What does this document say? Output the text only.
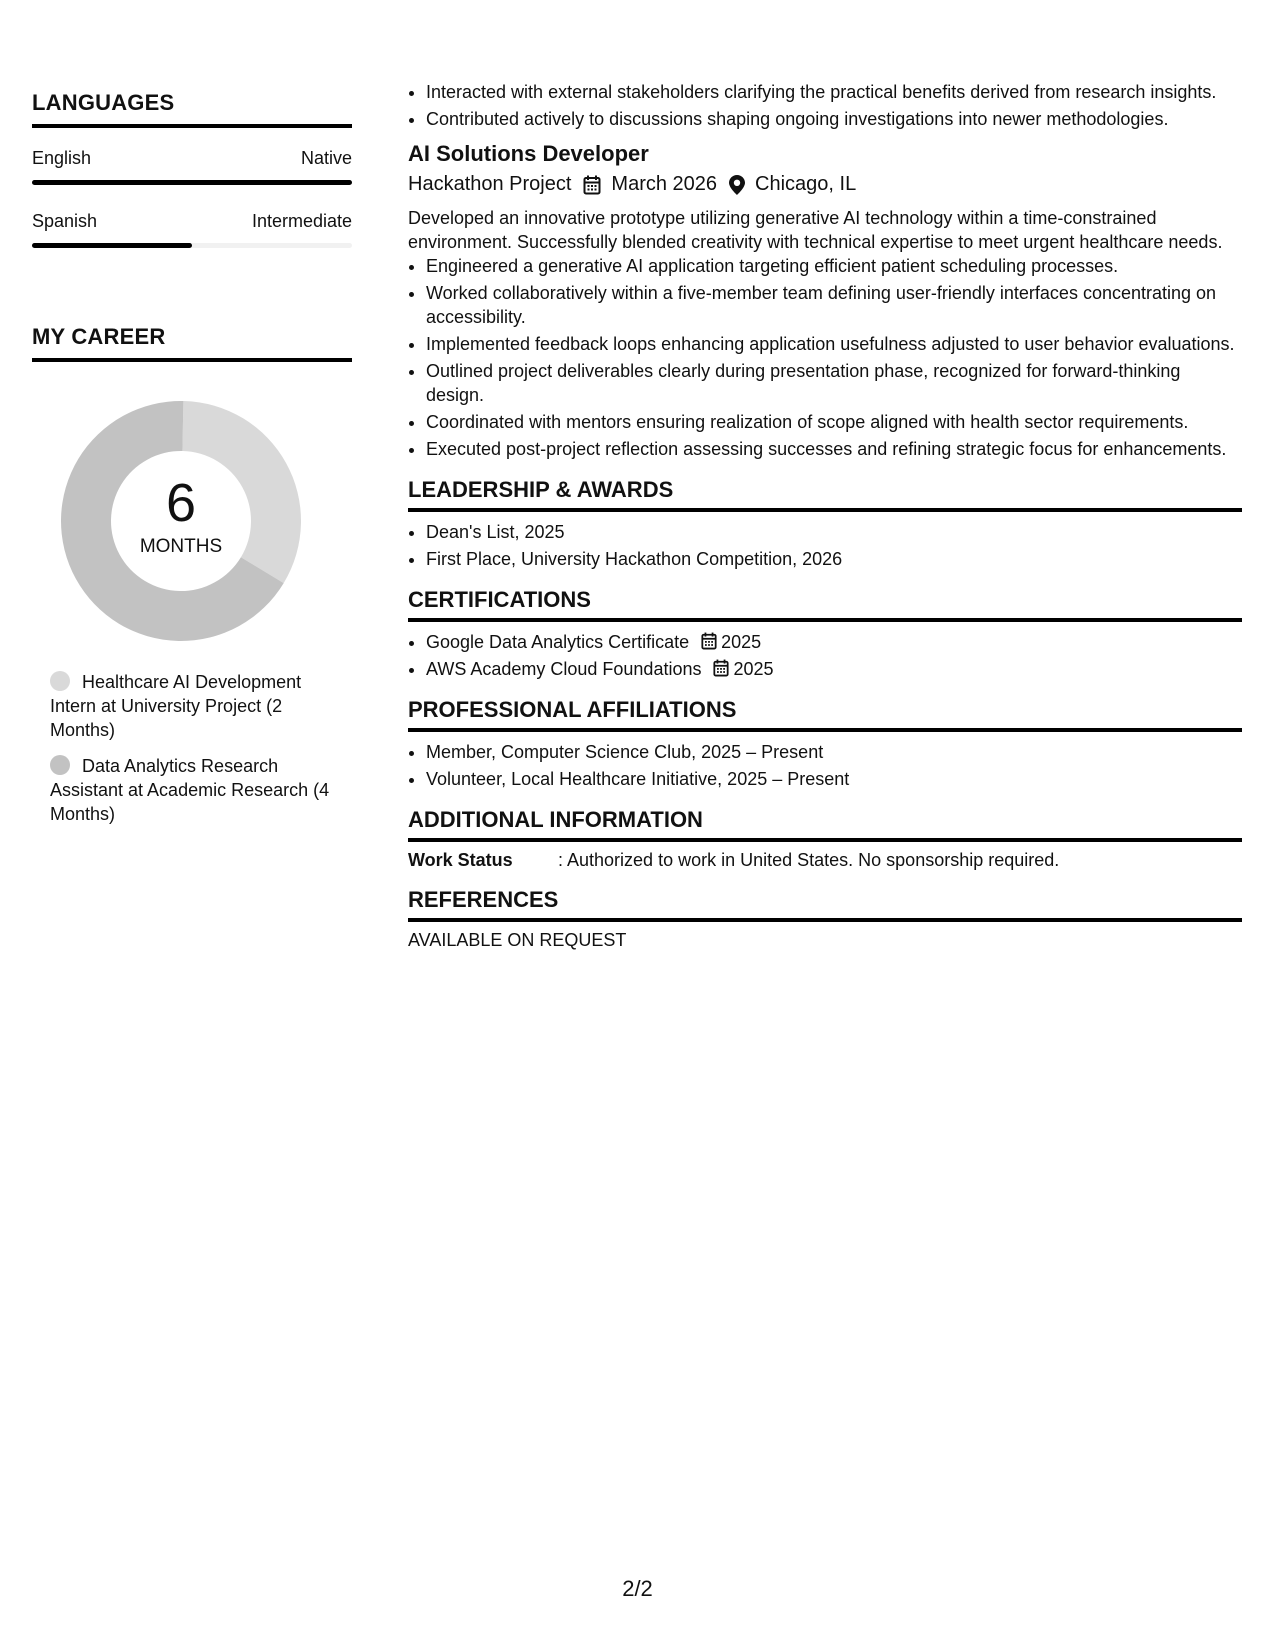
LANGUAGES
English	Native
Spanish	Intermediate
MY CAREER
6
MONTHS
Healthcare AI Development Intern at University Project (2 Months)
Data Analytics Research Assistant at Academic Research (4 Months)
• Interacted with external stakeholders clarifying the practical benefits derived from research insights.
• Contributed actively to discussions shaping ongoing investigations into newer methodologies.
AI Solutions Developer
Hackathon Project March 2026 Chicago, IL
Developed an innovative prototype utilizing generative AI technology within a time-constrained environment. Successfully blended creativity with technical expertise to meet urgent healthcare needs.
• Engineered a generative AI application targeting efficient patient scheduling processes.
• Worked collaboratively within a five-member team defining user-friendly interfaces concentrating on accessibility.
• Implemented feedback loops enhancing application usefulness adjusted to user behavior evaluations.
• Outlined project deliverables clearly during presentation phase, recognized for forward-thinking design.
• Coordinated with mentors ensuring realization of scope aligned with health sector requirements.
• Executed post-project reflection assessing successes and refining strategic focus for enhancements.
LEADERSHIP & AWARDS
• Dean's List, 2025
• First Place, University Hackathon Competition, 2026
CERTIFICATIONS
• Google Data Analytics Certificate 2025
• AWS Academy Cloud Foundations 2025
PROFESSIONAL AFFILIATIONS
• Member, Computer Science Club, 2025 – Present
• Volunteer, Local Healthcare Initiative, 2025 – Present
ADDITIONAL INFORMATION
Work Status	: Authorized to work in United States. No sponsorship required.
REFERENCES
AVAILABLE ON REQUEST
2/2
